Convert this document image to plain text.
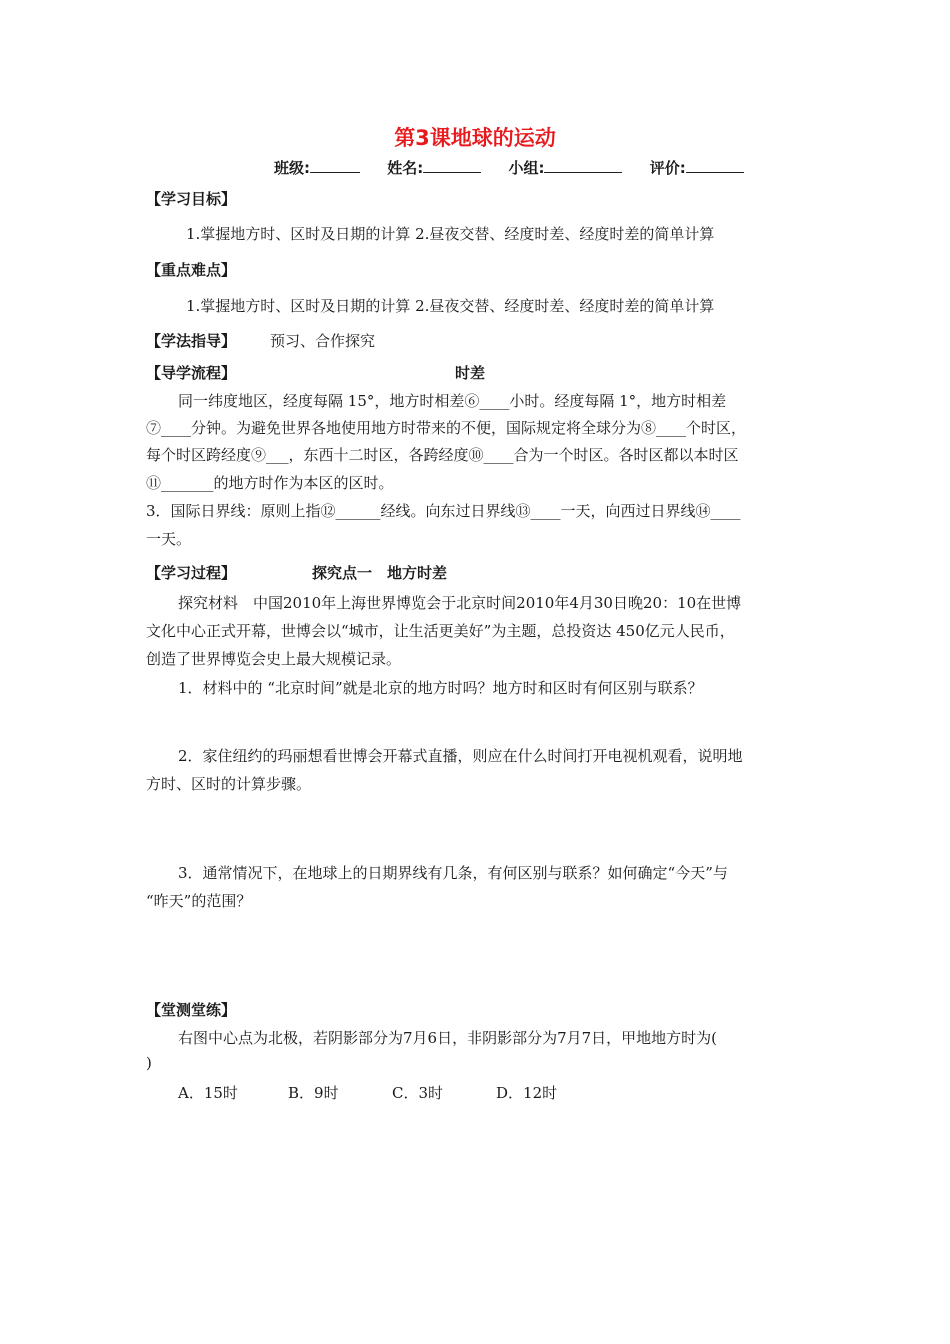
第3课地球的运动
班级:	姓名:	小组:	评价:
【学习目标】
1.掌握地方时、区时及日期的计算 2.昼夜交替、经度时差、经度时差的简单计算
【重点难点】
1.掌握地方时、区时及日期的计算 2.昼夜交替、经度时差、经度时差的简单计算
【学法指导】 预习、合作探究
【导学流程】	时差
同一纬度地区，经度每隔 15°，地方时相差⑥____小时。经度每隔 1°，地方时相差
⑦____分钟。为避免世界各地使用地方时带来的不便，国际规定将全球分为⑧____个时区，
每个时区跨经度⑨___，东西十二时区，各跨经度⑩____合为一个时区。各时区都以本时区
⑪_______的地方时作为本区的区时。
3．国际日界线：原则上指⑫______经线。向东过日界线⑬____一天，向西过日界线⑭____
一天。
【学习过程】	探究点一　地方时差
探究材料　中国2010年上海世界博览会于北京时间2010年4月30日晚20：10在世博
文化中心正式开幕，世博会以“城市，让生活更美好”为主题，总投资达 450亿元人民币，
创造了世界博览会史上最大规模记录。
1．材料中的 “北京时间”就是北京的地方时吗？地方时和区时有何区别与联系？
2．家住纽约的玛丽想看世博会开幕式直播，则应在什么时间打开电视机观看，说明地
方时、区时的计算步骤。
3．通常情况下，在地球上的日期界线有几条，有何区别与联系？如何确定“今天”与
“昨天”的范围？
【堂测堂练】
右图中心点为北极，若阴影部分为7月6日，非阴影部分为7月7日，甲地地方时为(
)
A．15时	B．9时	C．3时	D．12时
